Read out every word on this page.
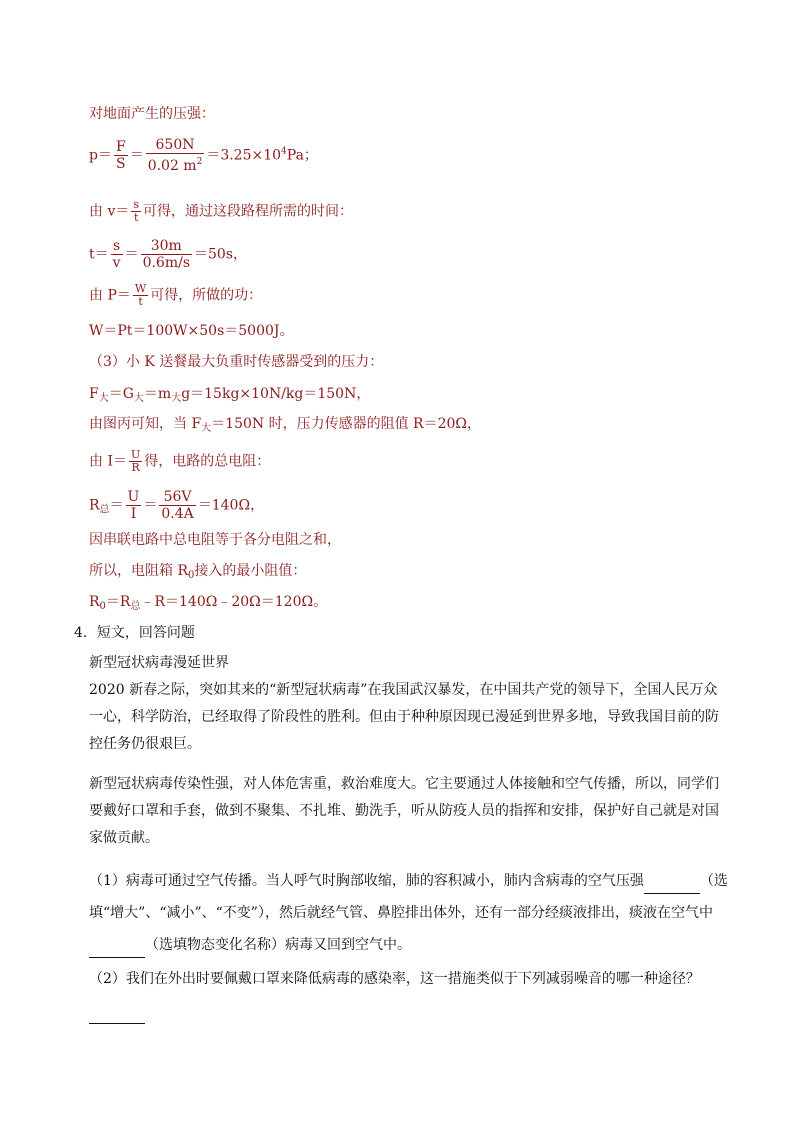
对地面产生的压强：
$p= \frac{F}{S} = \frac{650N}{0.02 m^2} =3.25\times 10^4Pa$；
由 $v= \frac{s}{t}$ 可得，通过这段路程所需的时间：
$t= \frac{s}{v} = \frac{30m}{0.6m/s} =50s$，
由 $P= \frac{W}{t}$ 可得，所做的功：
W＝Pt＝100W×50s＝5000J。
（3）小 K 送餐最大负重时传感器受到的压力：
$F_大=G_大=m_大g=15kg\times 10N/kg=150N$，
由图丙可知，当 $F_大=150N$ 时，压力传感器的阻值 R＝20Ω，
由 $I= \frac{U}{R}$ 得，电路的总电阻：
$R_总= \frac{U}{I} = \frac{56V}{0.4A} =140\Omega$，
因串联电路中总电阻等于各分电阻之和，
所以，电阻箱 $R_0$接入的最小阻值：
$R_0=R_总﹣R=140\Omega﹣20\Omega=120\Omega$。
4．短文，回答问题
新型冠状病毒漫延世界
2020 新春之际，突如其来的“新型冠状病毒”在我国武汉暴发，在中国共产党的领导下，全国人民万众一心，科学防治，已经取得了阶段性的胜利。但由于种种原因现已漫延到世界多地，导致我国目前的防控任务仍很艰巨。
新型冠状病毒传染性强，对人体危害重，救治难度大。它主要通过人体接触和空气传播，所以，同学们要戴好口罩和手套，做到不聚集、不扎堆、勤洗手，听从防疫人员的指挥和安排，保护好自己就是对国家做贡献。
（1）病毒可通过空气传播。当人呼气时胸部收缩，肺的容积减小，肺内含病毒的空气压强	（选
填“增大”、“减小”、“不变”），然后就经气管、鼻腔排出体外，还有一部分经痰液排出，痰液在空气中
（选填物态变化名称）病毒又回到空气中。
（2）我们在外出时要佩戴口罩来降低病毒的感染率，这一措施类似于下列减弱噪音的哪一种途径？
